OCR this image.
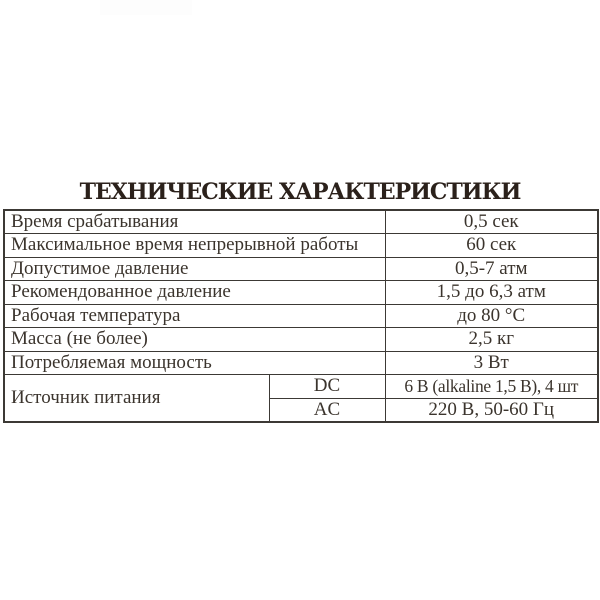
ТЕХНИЧЕСКИЕ ХАРАКТЕРИСТИКИ
Время срабатывания		0,5 сек
Максимальное время непрерывной работы		60 сек
Допустимое давление		0,5-7 атм
Рекомендованное давление		1,5 до 6,3 атм
Рабочая температура		до 80 °C
Масса (не более)		2,5 кг
Потребляемая мощность		3 Вт
Источник питания	DC	6 В (alkaline 1,5 В), 4 шт
	AC	220 В, 50-60 Гц
